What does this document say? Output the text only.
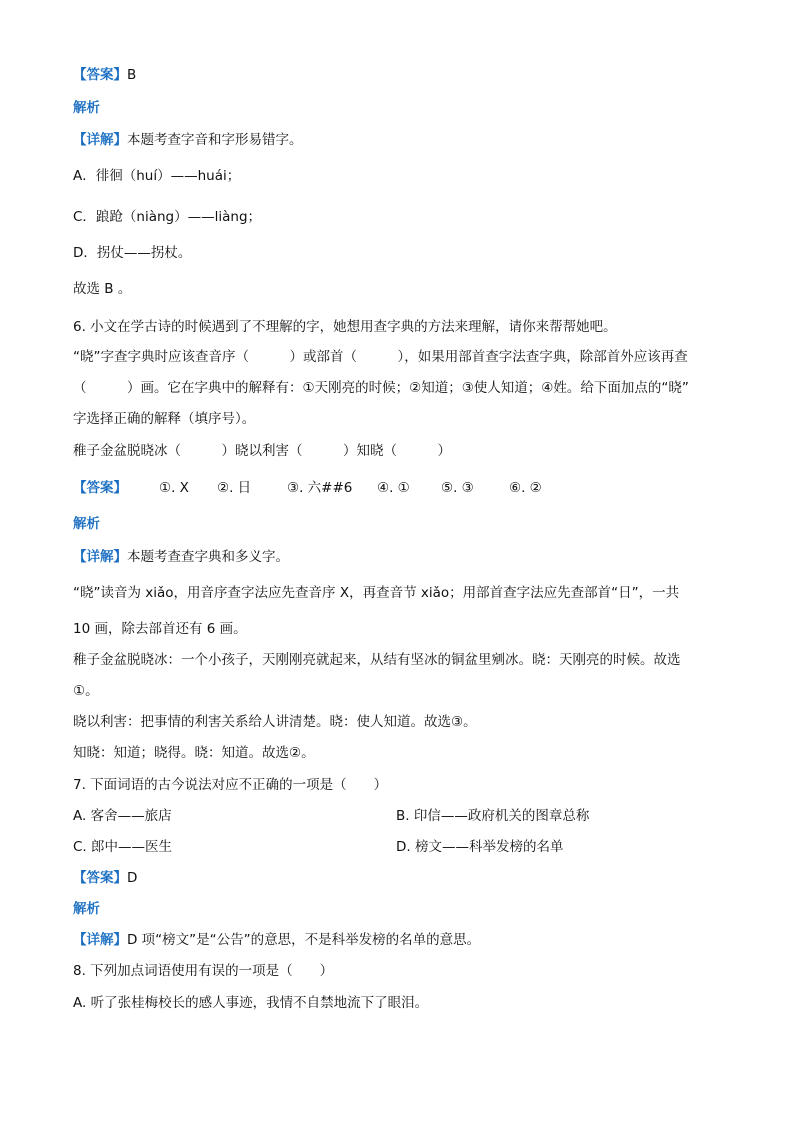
【答案】B
解析
【详解】本题考查字音和字形易错字。
A．徘徊（huí）——huái；
C．踉跄（niàng）——liàng；
D．拐仗——拐杖。
故选 B 。
6. 小文在学古诗的时候遇到了不理解的字，她想用查字典的方法来理解，请你来帮帮她吧。
“晓”字查字典时应该查音序（　　　）或部首（　　　），如果用部首查字法查字典，除部首外应该再查
（　　　）画。它在字典中的解释有：①天刚亮的时候；②知道；③使人知道；④姓。给下面加点的“晓”
字选择正确的解释（填序号）。
稚子金盆脱晓冰（　　　）晓以利害（　　　）知晓（　　　）
【答案】 ①. X ②. 日	③. 六##6 ④. ① ⑤. ③	⑥. ②
解析
【详解】本题考查查字典和多义字。
“晓”读音为 xiǎo，用音序查字法应先查音序 X，再查音节 xiǎo；用部首查字法应先查部首“日”，一共
10 画，除去部首还有 6 画。
稚子金盆脱晓冰：一个小孩子，天刚刚亮就起来，从结有坚冰的铜盆里剜冰。晓：天刚亮的时候。故选
①。
晓以利害：把事情的利害关系给人讲清楚。晓：使人知道。故选③。
知晓：知道；晓得。晓：知道。故选②。
7. 下面词语的古今说法对应不正确的一项是（　　）
A. 客舍——旅店	B. 印信——政府机关的图章总称
C. 郎中——医生	D. 榜文——科举发榜的名单
【答案】D
解析
【详解】D 项“榜文”是“公告”的意思，不是科举发榜的名单的意思。
8. 下列加点词语使用有误的一项是（　　）
A. 听了张桂梅校长的感人事迹，我情不自禁地流下了眼泪。
